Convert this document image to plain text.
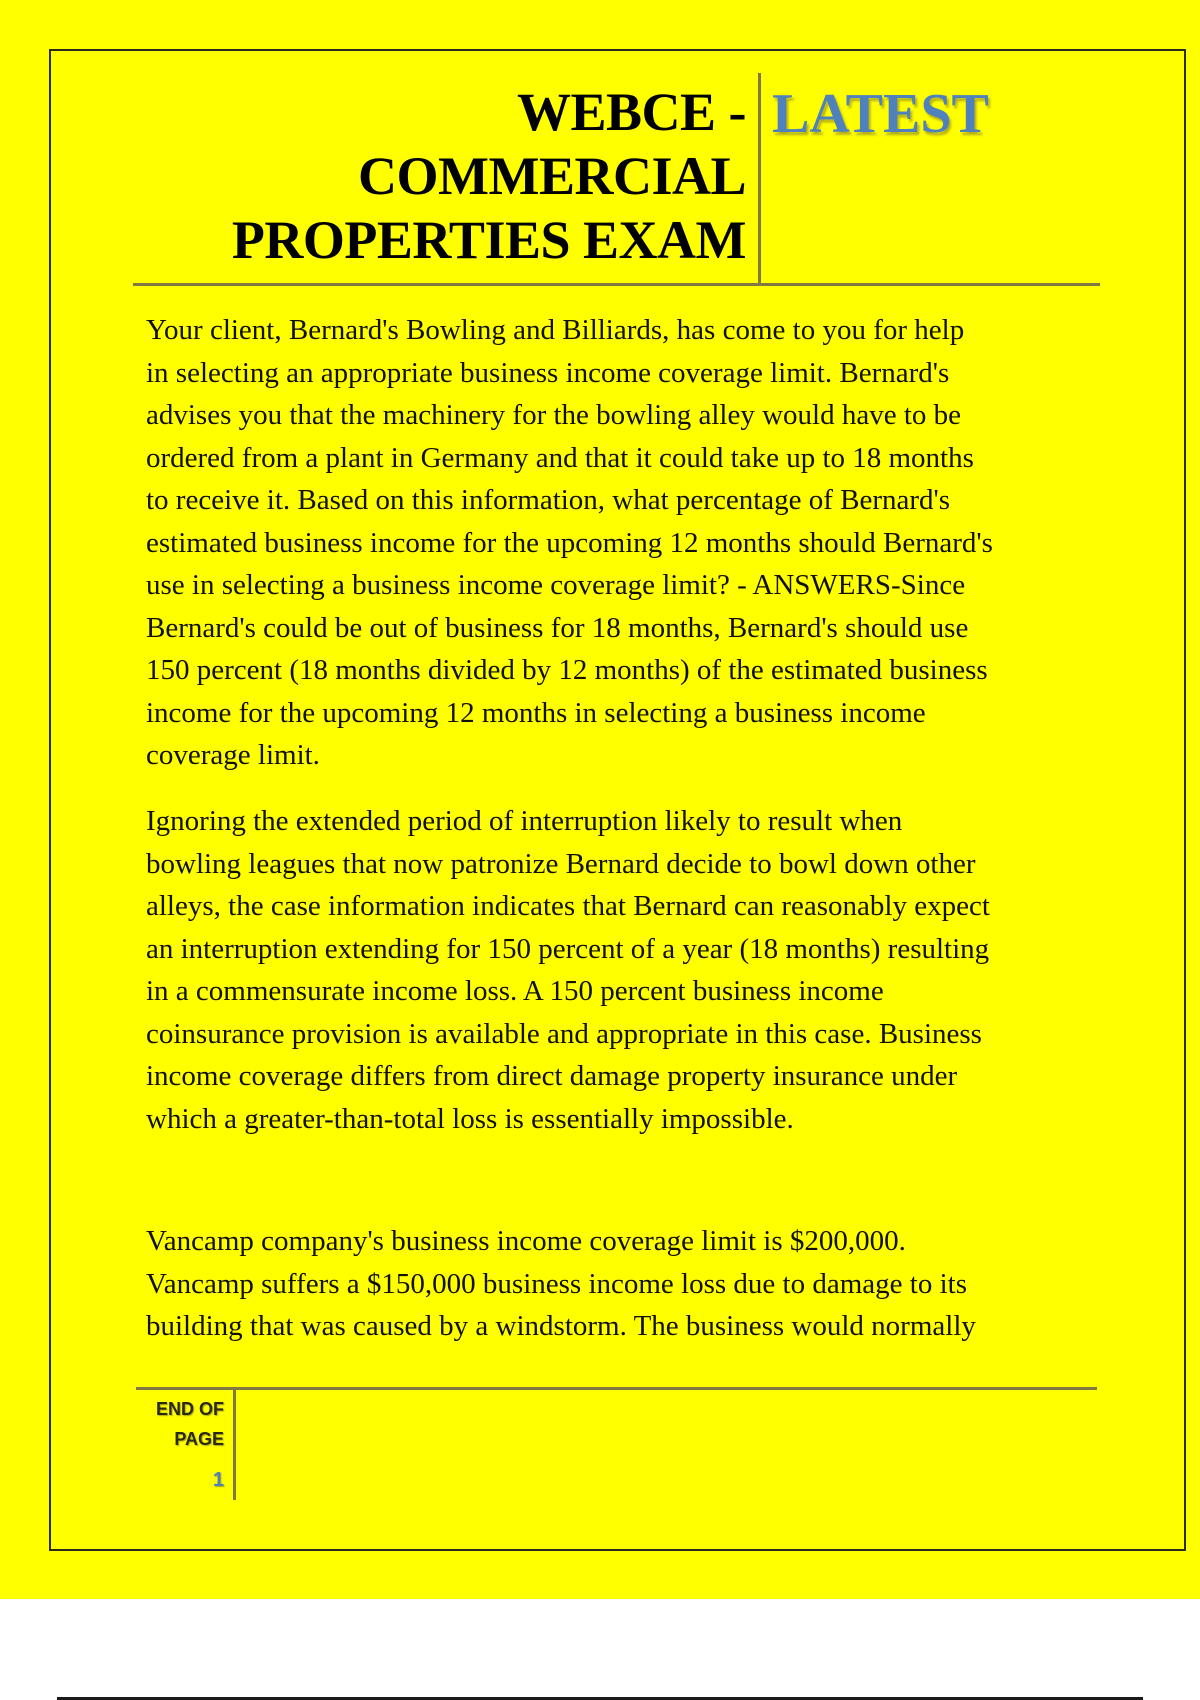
WEBCE -
COMMERCIAL
PROPERTIES EXAM
LATEST
Your client, Bernard's Bowling and Billiards, has come to you for help
in selecting an appropriate business income coverage limit. Bernard's
advises you that the machinery for the bowling alley would have to be
ordered from a plant in Germany and that it could take up to 18 months
to receive it. Based on this information, what percentage of Bernard's
estimated business income for the upcoming 12 months should Bernard's
use in selecting a business income coverage limit? - ANSWERS-Since
Bernard's could be out of business for 18 months, Bernard's should use
150 percent (18 months divided by 12 months) of the estimated business
income for the upcoming 12 months in selecting a business income
coverage limit.
Ignoring the extended period of interruption likely to result when
bowling leagues that now patronize Bernard decide to bowl down other
alleys, the case information indicates that Bernard can reasonably expect
an interruption extending for 150 percent of a year (18 months) resulting
in a commensurate income loss. A 150 percent business income
coinsurance provision is available and appropriate in this case. Business
income coverage differs from direct damage property insurance under
which a greater-than-total loss is essentially impossible.
Vancamp company's business income coverage limit is $200,000.
Vancamp suffers a $150,000 business income loss due to damage to its
building that was caused by a windstorm. The business would normally
END OF
PAGE
1
